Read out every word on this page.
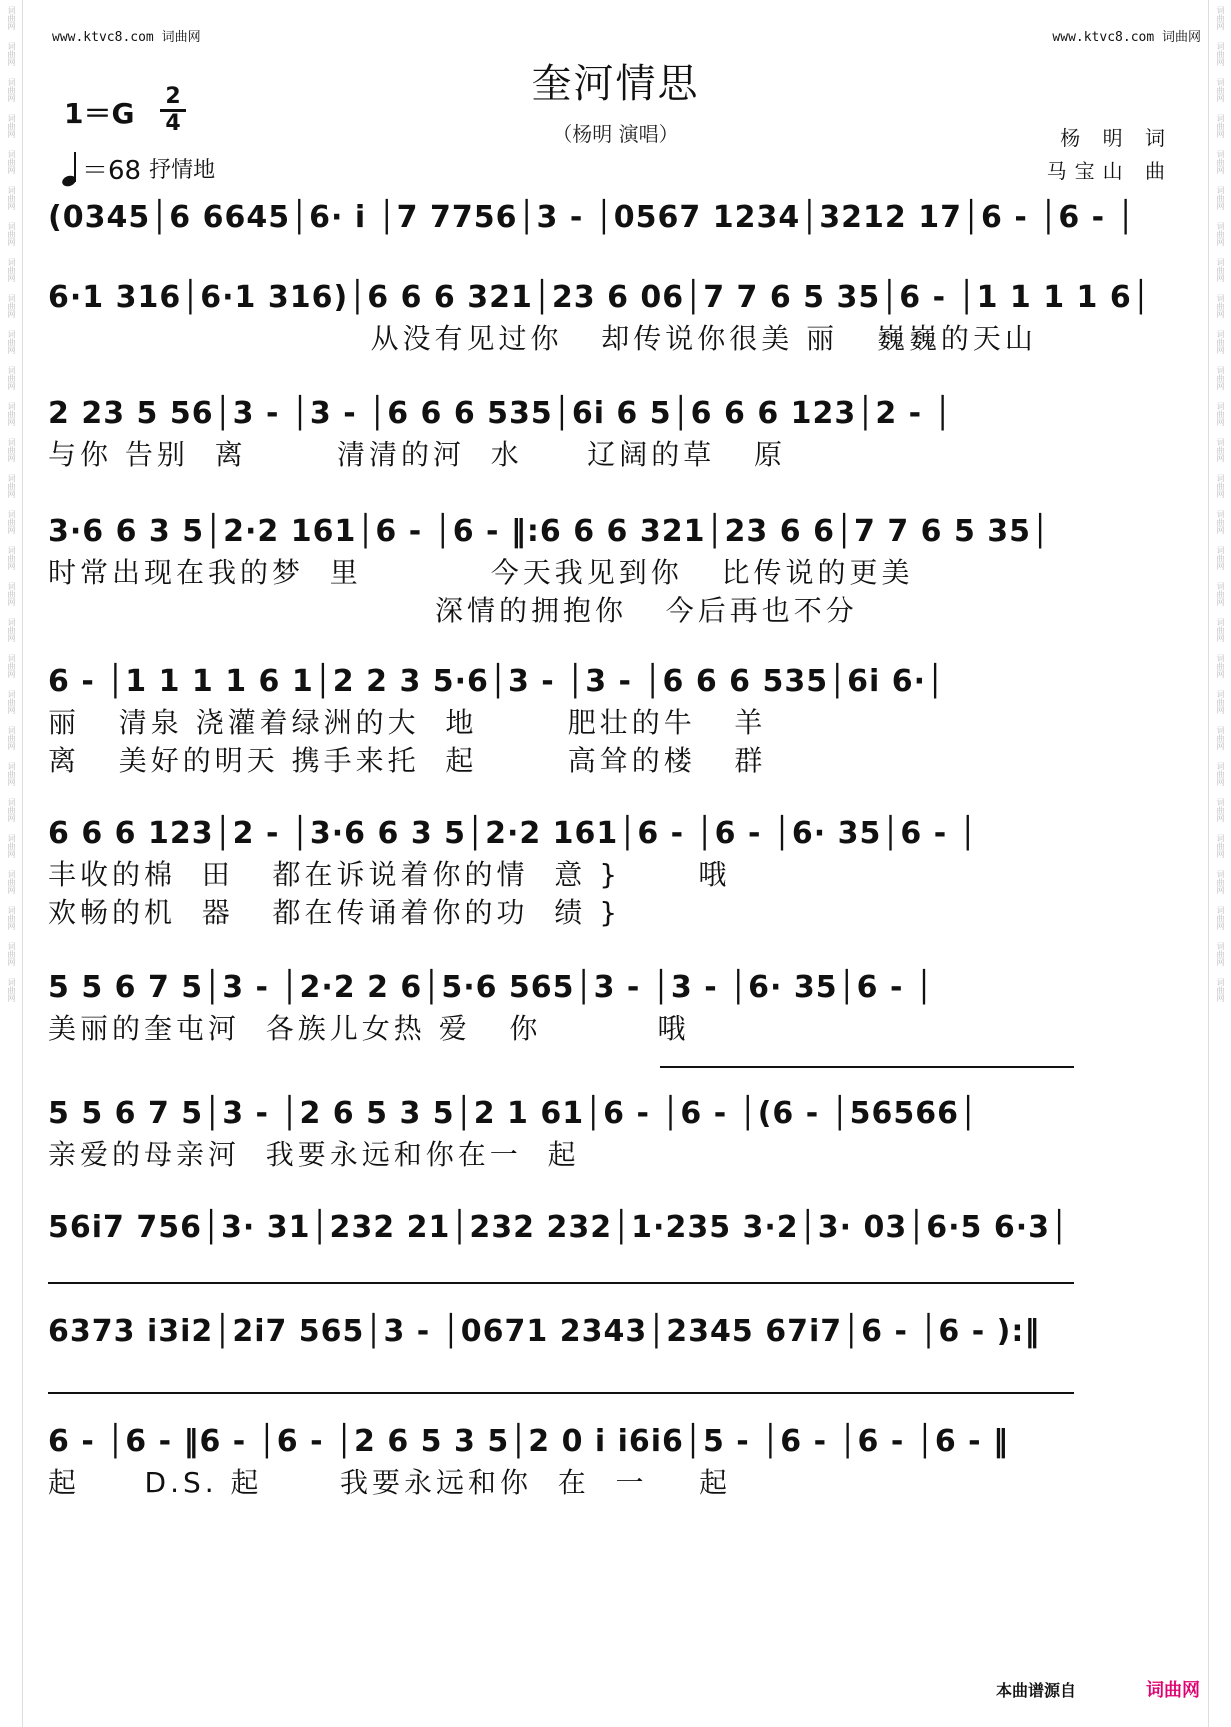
词曲网
词曲网
词曲网
词曲网
词曲网
词曲网
词曲网
词曲网
词曲网
词曲网
词曲网
词曲网
词曲网
词曲网
词曲网
词曲网
词曲网
词曲网
词曲网
词曲网
词曲网
词曲网
词曲网
词曲网
词曲网
词曲网
词曲网
词曲网
词曲网
词曲网
词曲网
词曲网
词曲网
词曲网
词曲网
词曲网
词曲网
词曲网
词曲网
词曲网
词曲网
词曲网
词曲网
词曲网
词曲网
词曲网
词曲网
词曲网
词曲网
词曲网
词曲网
词曲网
词曲网
词曲网
词曲网
词曲网
www.ktvc8.com 词曲网	www.ktvc8.com 词曲网
奎河情思
（杨明 演唱）
1＝G
2
4
＝68 抒情地
杨 明 词
马宝山 曲
(0345│6 6645│6· i │7 7756│3 - │0567 1234│3212 17│6 - │6 - │
6·1 316│6·1 316)│6 6 6 321│23 6 06│7 7 6 5 35│6 - │1 1 1 1 6│
从没有见过你   却传说你很美 丽   巍巍的天山
2 23 5 56│3 - │3 - │6 6 6 535│6i 6 5│6 6 6 123│2 - │
与你 告别  离       清清的河  水     辽阔的草   原
3·6 6 3 5│2·2 161│6 - │6 - ‖:6 6 6 321│23 6 6│7 7 6 5 35│
时常出现在我的梦  里          今天我见到你   比传说的更美
深情的拥抱你   今后再也不分
6 - │1 1 1 1 6 1│2 2 3 5·6│3 - │3 - │6 6 6 535│6i 6·│
丽   清泉 浇灌着绿洲的大  地       肥壮的牛   羊
离   美好的明天 携手来托  起       高耸的楼   群
6 6 6 123│2 - │3·6 6 3 5│2·2 161│6 - │6 - │6· 35│6 - │
丰收的棉  田   都在诉说着你的情  意 }      哦
欢畅的机  器   都在传诵着你的功  绩 }
5 5 6 7 5│3 - │2·2 2 6│5·6 565│3 - │3 - │6· 35│6 - │
美丽的奎屯河  各族儿女热 爱   你         哦
5 5 6 7 5│3 - │2 6 5 3 5│2 1 61│6 - │6 - │(6 - │56566│
亲爱的母亲河  我要永远和你在一  起
56i7 756│3· 31│232 21│232 232│1·235 3·2│3· 03│6·5 6·3│
6373 i3i2│2i7 565│3 - │0671 2343│2345 67i7│6 - │6 - ):‖
6 - │6 - ‖6 - │6 - │2 6 5 3 5│2 0 i i6i6│5 - │6 - │6 - │6 - ‖
起     D.S. 起      我要永远和你  在  一    起
本曲谱源自	词曲网
